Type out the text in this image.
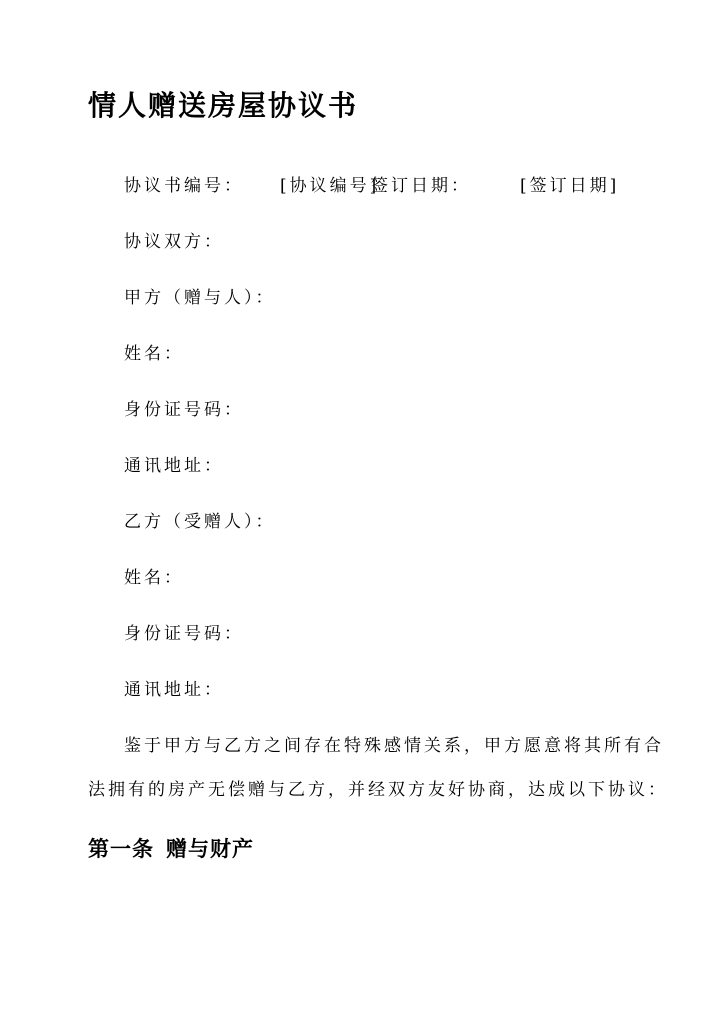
情人赠送房屋协议书
协议书编号： [协议编号]
签订日期：	[签订日期]
协议双方：
甲方（赠与人）：
姓名：
身份证号码：
通讯地址：
乙方（受赠人）：
姓名：
身份证号码：
通讯地址：
鉴于甲方与乙方之间存在特殊感情关系，甲方愿意将其所有合
法拥有的房产无偿赠与乙方，并经双方友好协商，达成以下协议：
第一条 赠与财产
